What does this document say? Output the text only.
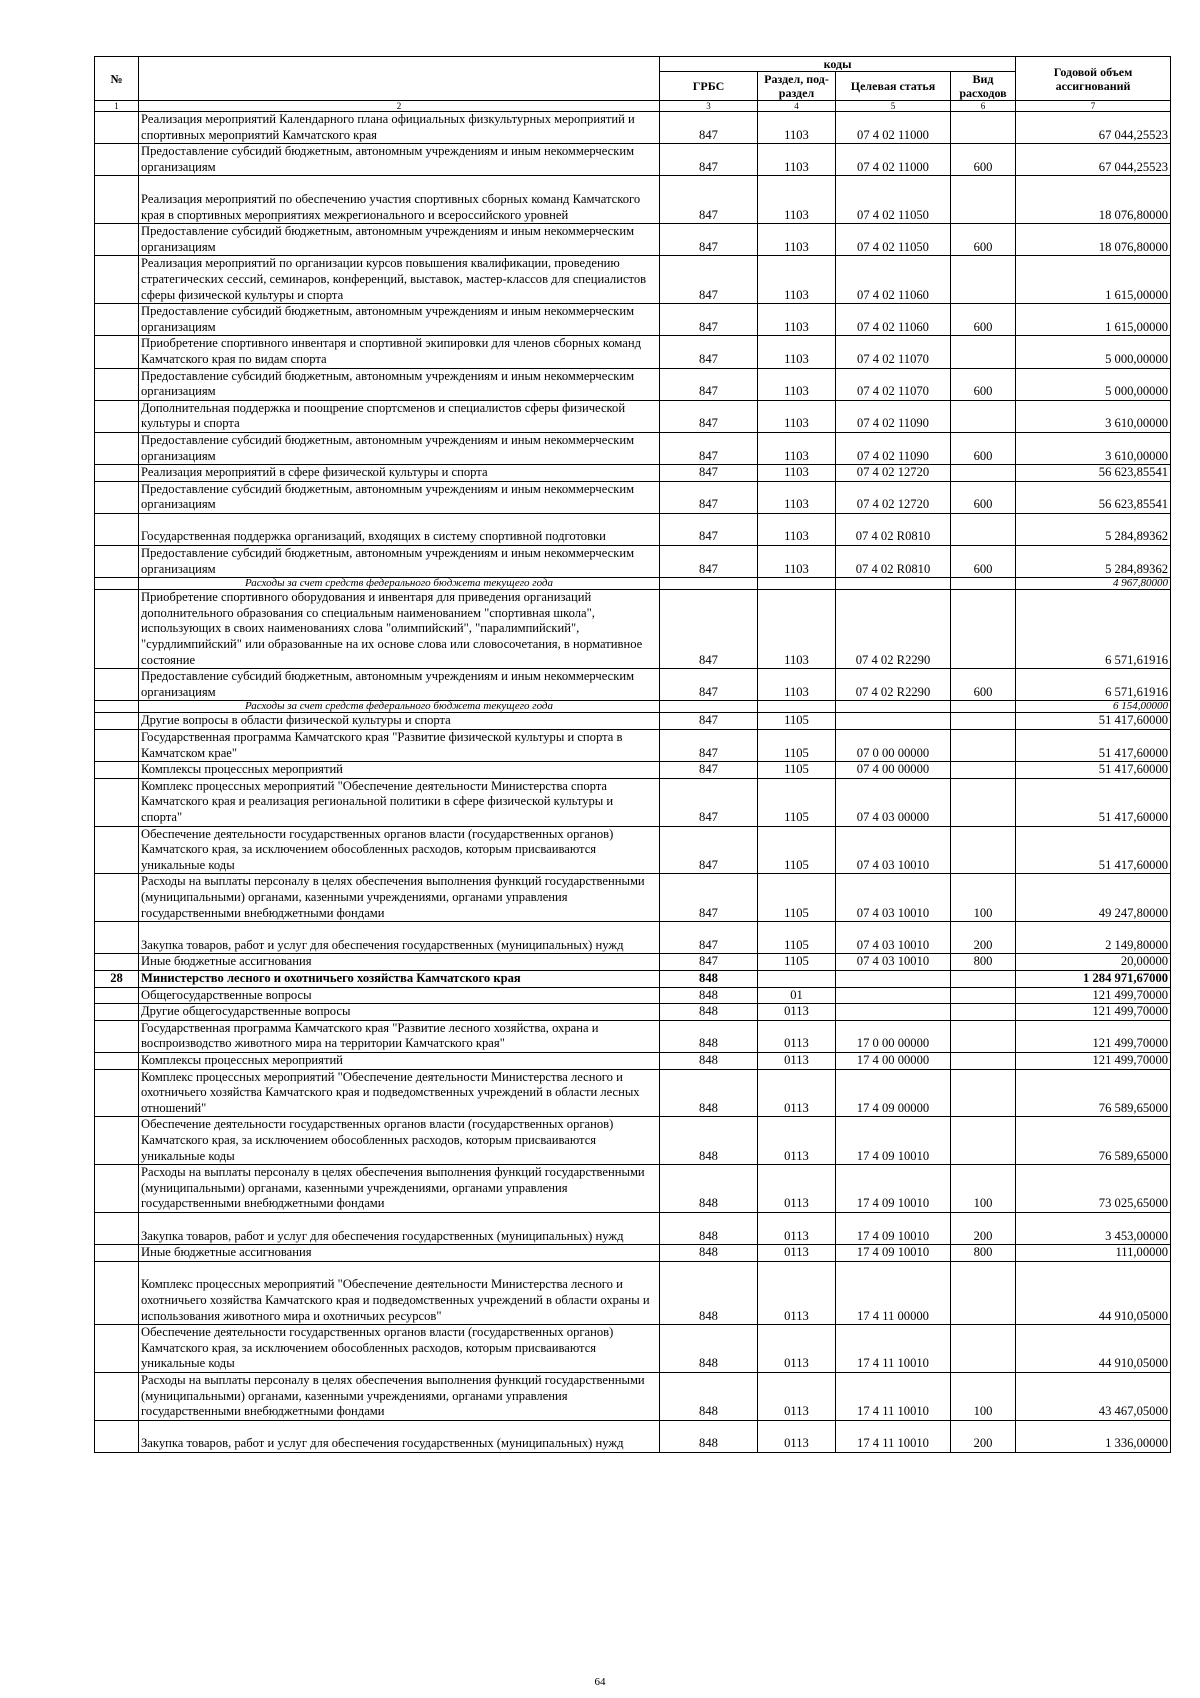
№		коды				Годовой объем ассигнований
		ГРБС	Раздел, под-раздел	Целевая статья	Вид расходов	
1	2	3	4	5	6	7
	Реализация мероприятий Календарного плана официальных физкультурных мероприятий и спортивных мероприятий Камчатского края	847	1103	07 4 02 11000		67 044,25523
	Предоставление субсидий бюджетным, автономным учреждениям и иным некоммерческим организациям	847	1103	07 4 02 11000	600	67 044,25523
	Реализация мероприятий по обеспечению участия спортивных сборных команд Камчатского края в спортивных мероприятиях межрегионального и всероссийского уровней	847	1103	07 4 02 11050		18 076,80000
	Предоставление субсидий бюджетным, автономным учреждениям и иным некоммерческим организациям	847	1103	07 4 02 11050	600	18 076,80000
	Реализация мероприятий по организации курсов повышения квалификации, проведению стратегических сессий, семинаров, конференций, выставок, мастер-классов для специалистов сферы физической культуры и спорта	847	1103	07 4 02 11060		1 615,00000
	Предоставление субсидий бюджетным, автономным учреждениям и иным некоммерческим организациям	847	1103	07 4 02 11060	600	1 615,00000
	Приобретение спортивного инвентаря и спортивной экипировки для членов сборных команд Камчатского края по видам спорта	847	1103	07 4 02 11070		5 000,00000
	Предоставление субсидий бюджетным, автономным учреждениям и иным некоммерческим организациям	847	1103	07 4 02 11070	600	5 000,00000
	Дополнительная поддержка и поощрение спортсменов и специалистов сферы физической культуры и спорта	847	1103	07 4 02 11090		3 610,00000
	Предоставление субсидий бюджетным, автономным учреждениям и иным некоммерческим организациям	847	1103	07 4 02 11090	600	3 610,00000
	Реализация мероприятий в сфере физической культуры и спорта	847	1103	07 4 02 12720		56 623,85541
	Предоставление субсидий бюджетным, автономным учреждениям и иным некоммерческим организациям	847	1103	07 4 02 12720	600	56 623,85541
	Государственная поддержка организаций, входящих в систему спортивной подготовки	847	1103	07 4 02 R0810		5 284,89362
	Предоставление субсидий бюджетным, автономным учреждениям и иным некоммерческим организациям	847	1103	07 4 02 R0810	600	5 284,89362
	Расходы за счет средств федерального бюджета текущего года					4 967,80000
	Приобретение спортивного оборудования и инвентаря для приведения организаций дополнительного образования со специальным наименованием "спортивная школа", использующих в своих наименованиях слова "олимпийский", "паралимпийский", "сурдлимпийский" или образованные на их основе слова или словосочетания, в нормативное состояние	847	1103	07 4 02 R2290		6 571,61916
	Предоставление субсидий бюджетным, автономным учреждениям и иным некоммерческим организациям	847	1103	07 4 02 R2290	600	6 571,61916
	Расходы за счет средств федерального бюджета текущего года					6 154,00000
	Другие вопросы в области физической культуры и спорта	847	1105			51 417,60000
	Государственная программа Камчатского края "Развитие физической культуры и спорта в Камчатском крае"	847	1105	07 0 00 00000		51 417,60000
	Комплексы процессных мероприятий	847	1105	07 4 00 00000		51 417,60000
	Комплекс процессных мероприятий "Обеспечение деятельности Министерства спорта Камчатского края и реализация региональной политики в сфере физической культуры и спорта"	847	1105	07 4 03 00000		51 417,60000
	Обеспечение деятельности государственных органов власти (государственных органов) Камчатского края, за исключением обособленных расходов, которым присваиваются уникальные коды	847	1105	07 4 03 10010		51 417,60000
	Расходы на выплаты персоналу в целях обеспечения выполнения функций государственными (муниципальными) органами, казенными учреждениями, органами управления государственными внебюджетными фондами	847	1105	07 4 03 10010	100	49 247,80000
	Закупка товаров, работ и услуг для обеспечения государственных (муниципальных) нужд	847	1105	07 4 03 10010	200	2 149,80000
	Иные бюджетные ассигнования	847	1105	07 4 03 10010	800	20,00000
28	Министерство лесного и охотничьего хозяйства Камчатского края	848				1 284 971,67000
	Общегосударственные вопросы	848	01			121 499,70000
	Другие общегосударственные вопросы	848	0113			121 499,70000
	Государственная программа Камчатского края "Развитие лесного хозяйства, охрана и воспроизводство животного мира на территории Камчатского края"	848	0113	17 0 00 00000		121 499,70000
	Комплексы процессных мероприятий	848	0113	17 4 00 00000		121 499,70000
	Комплекс процессных мероприятий "Обеспечение деятельности Министерства лесного и охотничьего хозяйства Камчатского края и подведомственных учреждений в области лесных отношений"	848	0113	17 4 09 00000		76 589,65000
	Обеспечение деятельности государственных органов власти (государственных органов) Камчатского края, за исключением обособленных расходов, которым присваиваются уникальные коды	848	0113	17 4 09 10010		76 589,65000
	Расходы на выплаты персоналу в целях обеспечения выполнения функций государственными (муниципальными) органами, казенными учреждениями, органами управления государственными внебюджетными фондами	848	0113	17 4 09 10010	100	73 025,65000
	Закупка товаров, работ и услуг для обеспечения государственных (муниципальных) нужд	848	0113	17 4 09 10010	200	3 453,00000
	Иные бюджетные ассигнования	848	0113	17 4 09 10010	800	111,00000
	Комплекс процессных мероприятий "Обеспечение деятельности Министерства лесного и охотничьего хозяйства Камчатского края и подведомственных учреждений в области охраны и использования животного мира и охотничьих ресурсов"	848	0113	17 4 11 00000		44 910,05000
	Обеспечение деятельности государственных органов власти (государственных органов) Камчатского края, за исключением обособленных расходов, которым присваиваются уникальные коды	848	0113	17 4 11 10010		44 910,05000
	Расходы на выплаты персоналу в целях обеспечения выполнения функций государственными (муниципальными) органами, казенными учреждениями, органами управления государственными внебюджетными фондами	848	0113	17 4 11 10010	100	43 467,05000
	Закупка товаров, работ и услуг для обеспечения государственных (муниципальных) нужд	848	0113	17 4 11 10010	200	1 336,00000
64
